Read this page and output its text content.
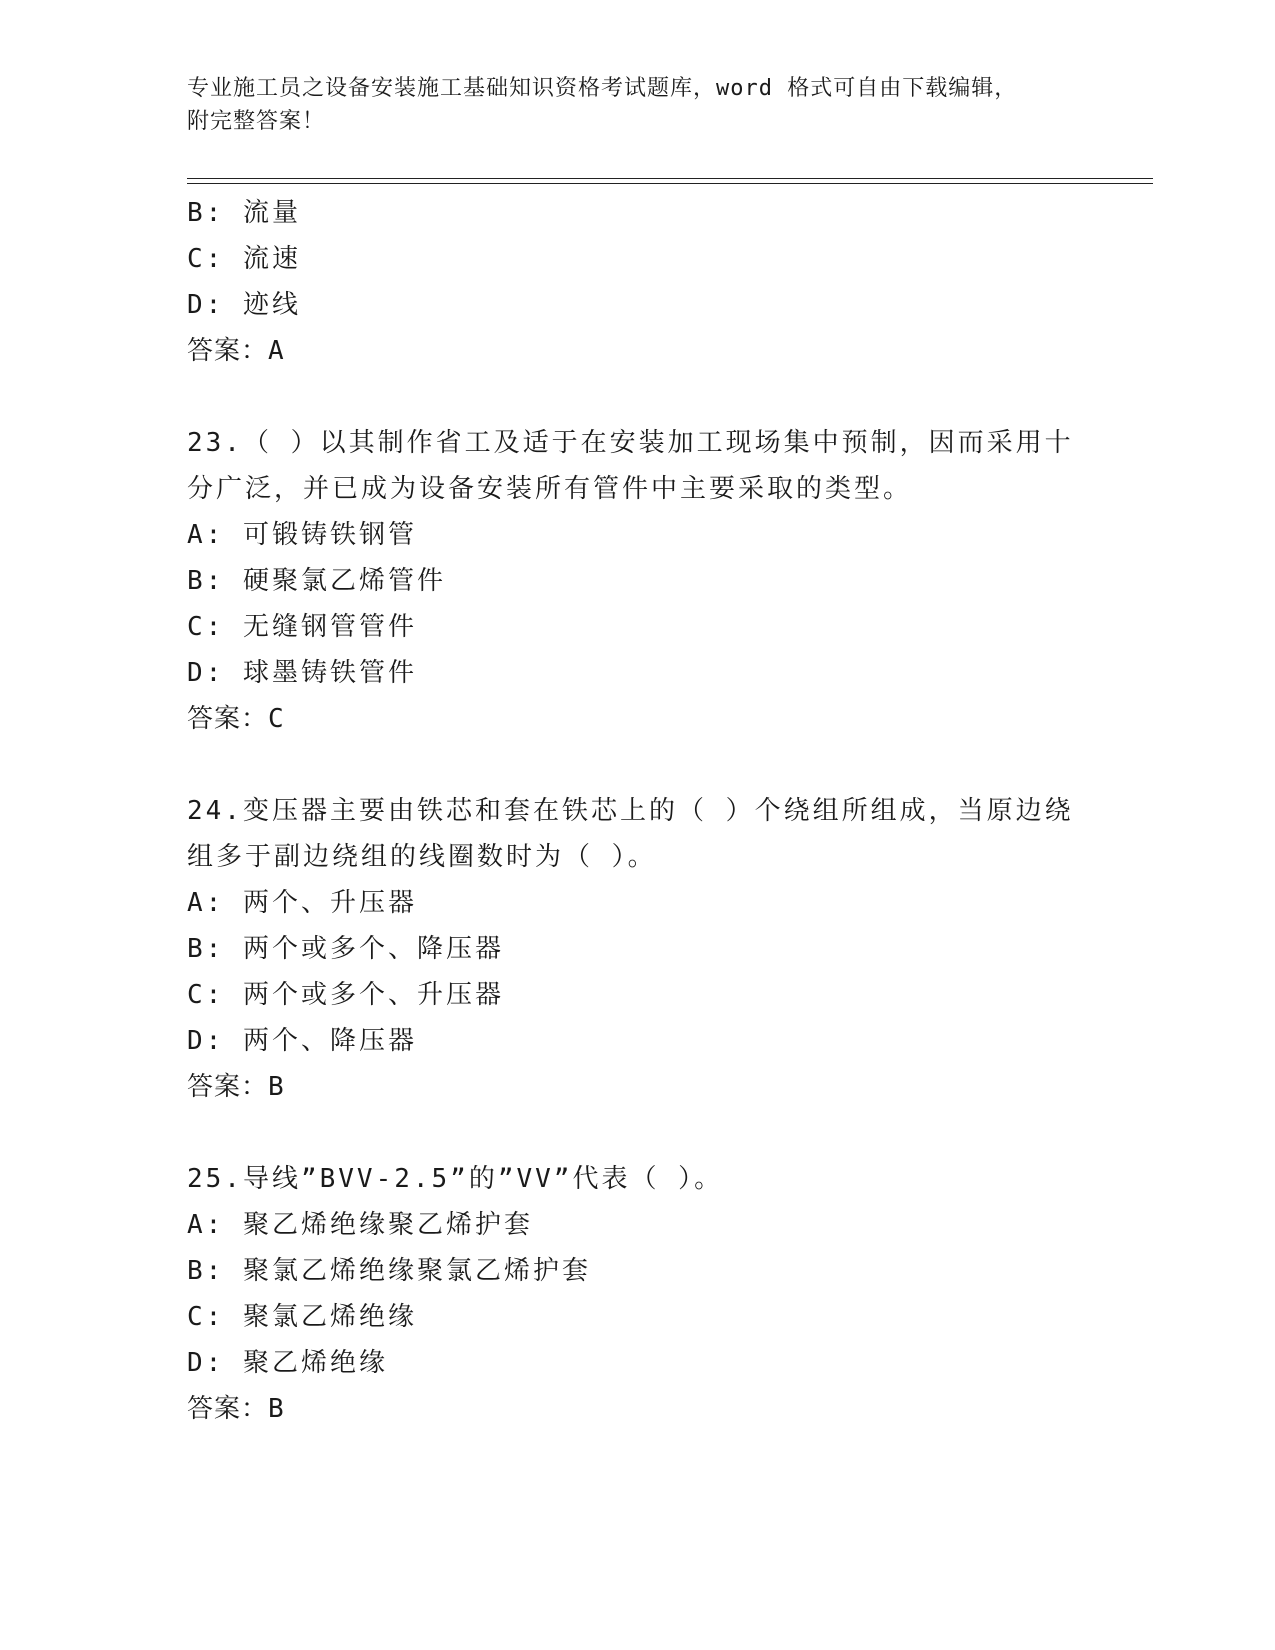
专业施工员之设备安装施工基础知识资格考试题库，word 格式可自由下载编辑，
附完整答案！
B: 流量
C: 流速
D: 迹线
答案：A
23.（ ）以其制作省工及适于在安装加工现场集中预制，因而采用十
分广泛，并已成为设备安装所有管件中主要采取的类型。
A: 可锻铸铁钢管
B: 硬聚氯乙烯管件
C: 无缝钢管管件
D: 球墨铸铁管件
答案：C
24.变压器主要由铁芯和套在铁芯上的（ ）个绕组所组成，当原边绕
组多于副边绕组的线圈数时为（ ）。
A: 两个、升压器
B: 两个或多个、降压器
C: 两个或多个、升压器
D: 两个、降压器
答案：B
25.导线”BVV-2.5”的”VV”代表（ ）。
A: 聚乙烯绝缘聚乙烯护套
B: 聚氯乙烯绝缘聚氯乙烯护套
C: 聚氯乙烯绝缘
D: 聚乙烯绝缘
答案：B
